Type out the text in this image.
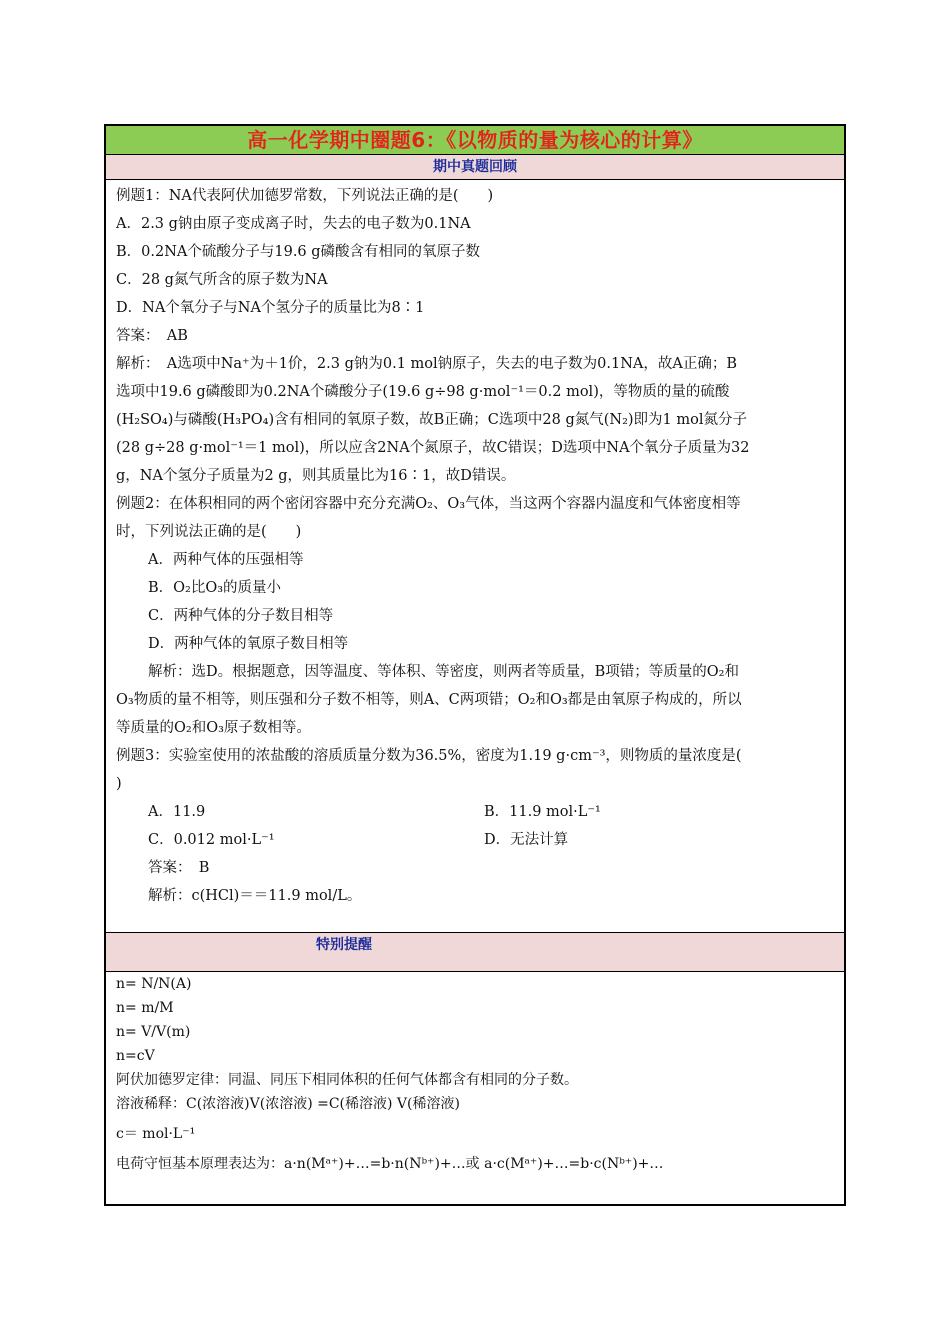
高一化学期中圈题6：《以物质的量为核心的计算》
期中真题回顾

例题1：NA代表阿伏加德罗常数，下列说法正确的是(　　)

A．2.3 g钠由原子变成离子时，失去的电子数为0.1NA

B．0.2NA个硫酸分子与19.6 g磷酸含有相同的氧原子数

C．28 g氮气所含的原子数为NA

D．NA个氧分子与NA个氢分子的质量比为8∶1

答案：　AB

解析：　A选项中Na⁺为＋1价，2.3 g钠为0.1 mol钠原子，失去的电子数为0.1NA，故A正确；B

选项中19.6 g磷酸即为0.2NA个磷酸分子(19.6 g÷98 g·mol⁻¹＝0.2 mol)，等物质的量的硫酸

(H₂SO₄)与磷酸(H₃PO₄)含有相同的氧原子数，故B正确；C选项中28 g氮气(N₂)即为1 mol氮分子

(28 g÷28 g·mol⁻¹＝1 mol)，所以应含2NA个氮原子，故C错误；D选项中NA个氧分子质量为32

g，NA个氢分子质量为2 g，则其质量比为16∶1，故D错误。

例题2：在体积相同的两个密闭容器中充分充满O₂、O₃气体，当这两个容器内温度和气体密度相等

时，下列说法正确的是(　　)

A．两种气体的压强相等

B．O₂比O₃的质量小

C．两种气体的分子数目相等

D．两种气体的氧原子数目相等

解析：选D。根据题意，因等温度、等体积、等密度，则两者等质量，B项错；等质量的O₂和

O₃物质的量不相等，则压强和分子数不相等，则A、C两项错；O₂和O₃都是由氧原子构成的，所以

等质量的O₂和O₃原子数相等。

例题3：实验室使用的浓盐酸的溶质质量分数为36.5%，密度为1.19 g·cm⁻³，则物质的量浓度是(

)

A．11.9	B．11.9 mol·L⁻¹
C．0.012 mol·L⁻¹	D．无法计算

答案：　B

解析：c(HCl)＝＝11.9 mol/L。

特别提醒

n= N/N(A)

n= m/M

n= V/V(m)

n=cV

阿伏加德罗定律：同温、同压下相同体积的任何气体都含有相同的分子数。

溶液稀释：C(浓溶液)V(浓溶液) =C(稀溶液) V(稀溶液)

c＝ mol·L⁻¹

电荷守恒基本原理表达为：a·n(Mᵃ⁺)+…=b·n(Nᵇ⁺)+…或 a·c(Mᵃ⁺)+…=b·c(Nᵇ⁺)+…
